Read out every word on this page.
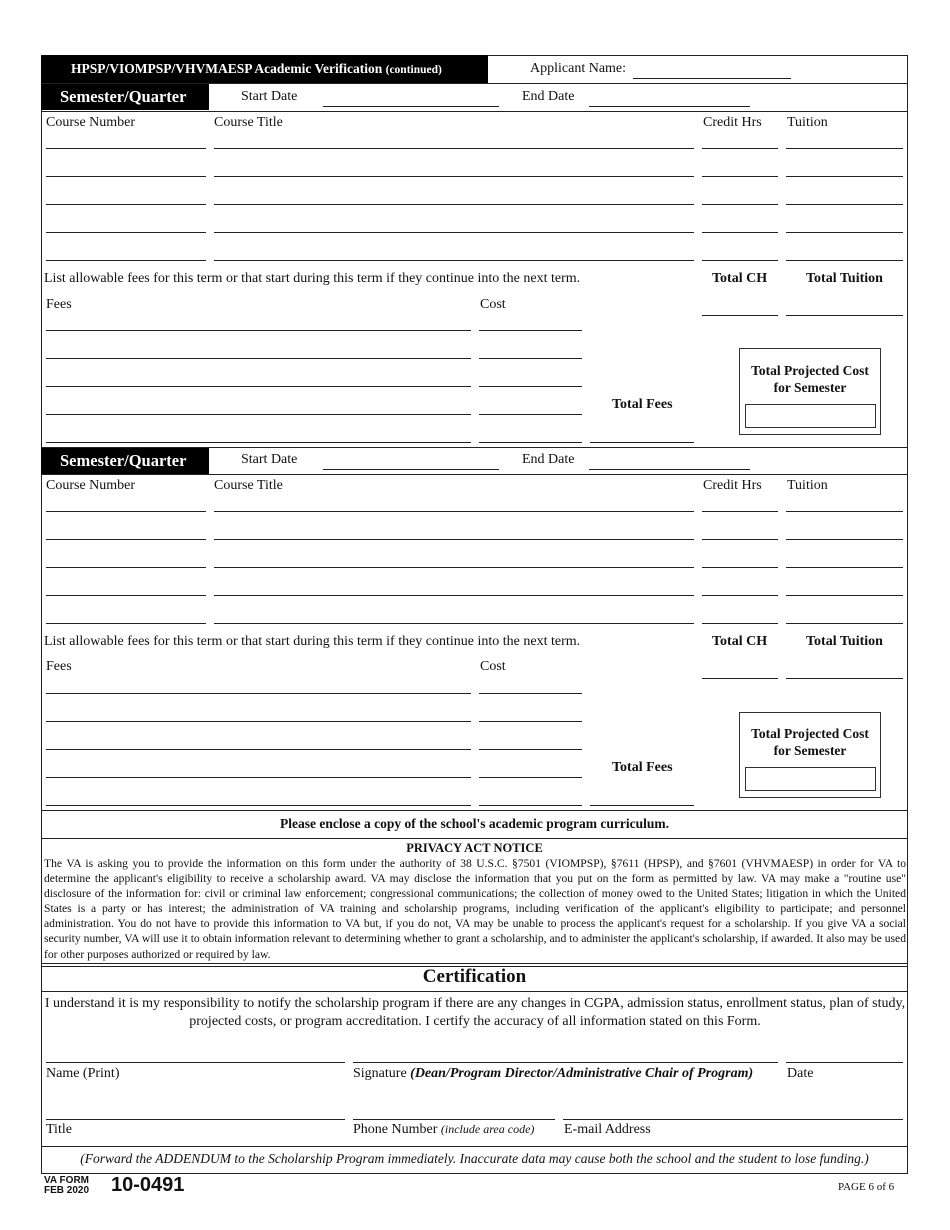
HPSP/VIOMPSP/VHVMAESP Academic Verification (continued)	Applicant Name:
Semester/Quarter	Start Date	End Date
Course Number	Course Title	Credit Hrs Tuition
List allowable fees for this term or that start during this term if they continue into the next term.	Total CH	Total Tuition
Fees	Cost
Total Fees
Total Projected Cost
for Semester
Semester/Quarter	Start Date	End Date
Course Number	Course Title	Credit Hrs Tuition
List allowable fees for this term or that start during this term if they continue into the next term.	Total CH	Total Tuition
Fees	Cost
Total Fees
Total Projected Cost
for Semester
Please enclose a copy of the school's academic program curriculum.
PRIVACY ACT NOTICE
The VA is asking you to provide the information on this form under the authority of 38 U.S.C. §7501 (VIOMPSP), §7611 (HPSP), and §7601 (VHVMAESP) in order for VA to determine the applicant's eligibility to receive a scholarship award. VA may disclose the information that you put on the form as permitted by law. VA may make a "routine use" disclosure of the information for: civil or criminal law enforcement; congressional communications; the collection of money owed to the United States; litigation in which the United States is a party or has interest; the administration of VA training and scholarship programs, including verification of the applicant's eligibility to participate; and personnel administration. You do not have to provide this information to VA but, if you do not, VA may be unable to process the applicant's request for a scholarship. If you give VA a social security number, VA will use it to obtain information relevant to determining whether to grant a scholarship, and to administer the applicant's scholarship, if awarded. It also may be used for other purposes authorized or required by law.
Certification
I understand it is my responsibility to notify the scholarship program if there are any changes in CGPA, admission status, enrollment status, plan of study, projected costs, or program accreditation. I certify the accuracy of all information stated on this Form.
Name (Print)	Signature (Dean/Program Director/Administrative Chair of Program) Date
Title	Phone Number (include area code) E-mail Address
(Forward the ADDENDUM to the Scholarship Program immediately. Inaccurate data may cause both the school and the student to lose funding.)
VA FORM
FEB 2020 10-0491	PAGE 6 of 6
